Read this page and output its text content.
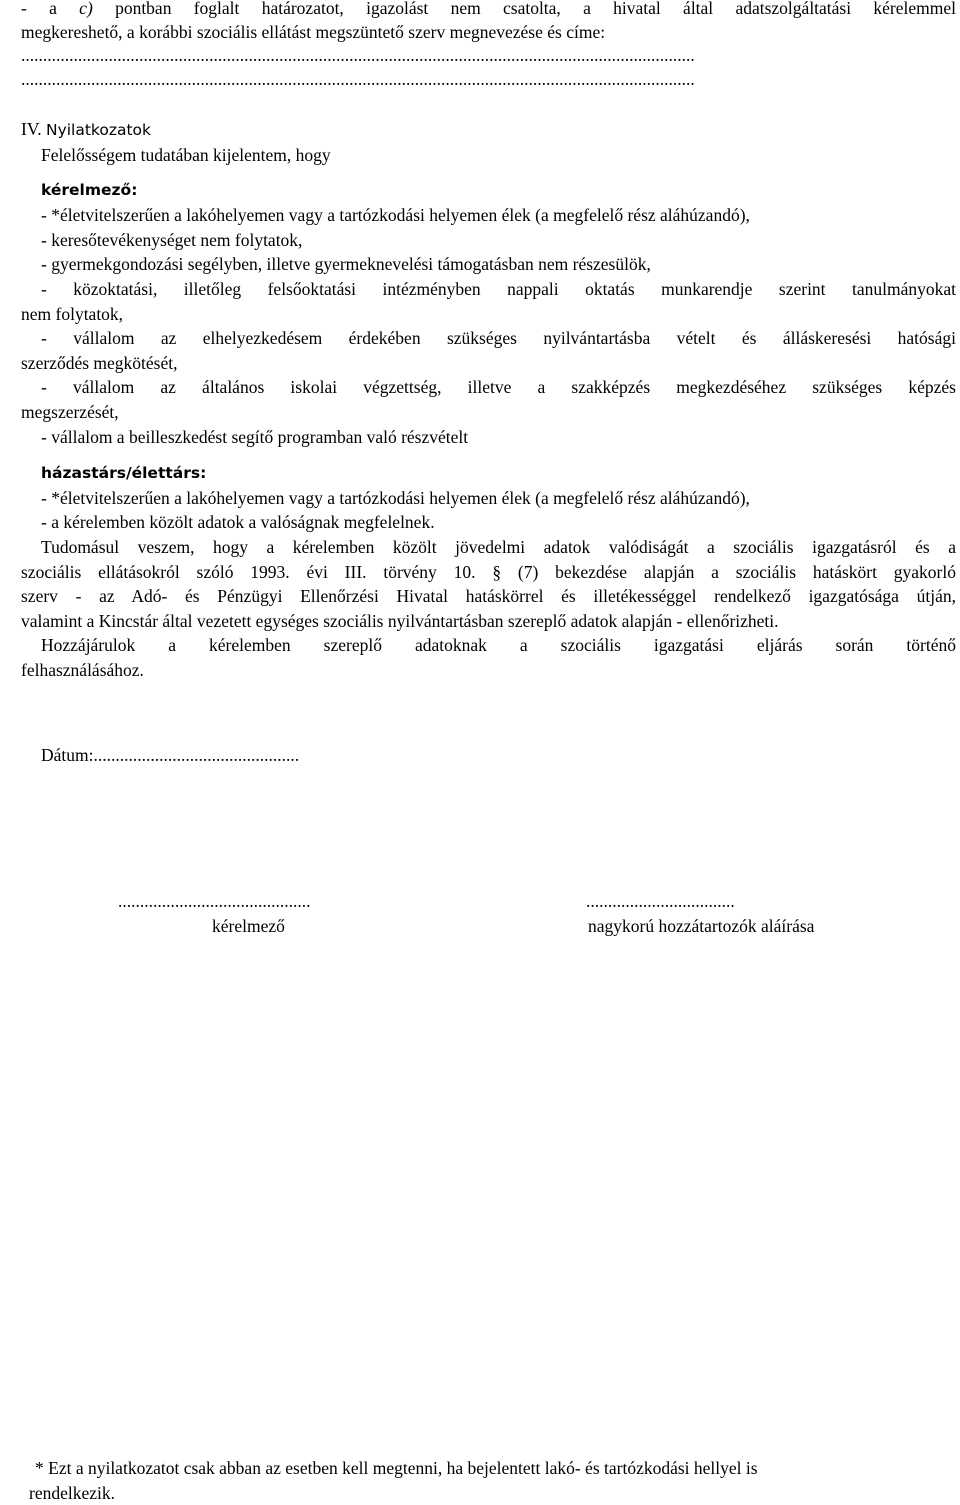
- a c) pontban foglalt határozatot, igazolást nem csatolta, a hivatal által adatszolgáltatási kérelemmel
megkereshető, a korábbi szociális ellátást megszüntető szerv megnevezése és címe:
..........................................................................................................................................................
..........................................................................................................................................................
IV. Nyilatkozatok
Felelősségem tudatában kijelentem, hogy
kérelmező:
- *életvitelszerűen a lakóhelyemen vagy a tartózkodási helyemen élek (a megfelelő rész aláhúzandó),
- keresőtevékenységet nem folytatok,
- gyermekgondozási segélyben, illetve gyermeknevelési támogatásban nem részesülök,
- közoktatási, illetőleg felsőoktatási intézményben nappali oktatás munkarendje szerint tanulmányokat
nem folytatok,
- vállalom az elhelyezkedésem érdekében szükséges nyilvántartásba vételt és álláskeresési hatósági
szerződés megkötését,
- vállalom az általános iskolai végzettség, illetve a szakképzés megkezdéséhez szükséges képzés
megszerzését,
- vállalom a beilleszkedést segítő programban való részvételt
házastárs/élettárs:
- *életvitelszerűen a lakóhelyemen vagy a tartózkodási helyemen élek (a megfelelő rész aláhúzandó),
- a kérelemben közölt adatok a valóságnak megfelelnek.
Tudomásul veszem, hogy a kérelemben közölt jövedelmi adatok valódiságát a szociális igazgatásról és a
szociális ellátásokról szóló 1993. évi III. törvény 10. § (7) bekezdése alapján a szociális hatáskört gyakorló
szerv - az Adó- és Pénzügyi Ellenőrzési Hivatal hatáskörrel és illetékességgel rendelkező igazgatósága útján,
valamint a Kincstár által vezetett egységes szociális nyilvántartásban szereplő adatok alapján - ellenőrizheti.
Hozzájárulok a kérelemben szereplő adatoknak a szociális igazgatási eljárás során történő
felhasználásához.
Dátum:...............................................
............................................
kérelmező
..................................
nagykorú hozzátartozók aláírása
* Ezt a nyilatkozatot csak abban az esetben kell megtenni, ha bejelentett lakó- és tartózkodási hellyel is
rendelkezik.
